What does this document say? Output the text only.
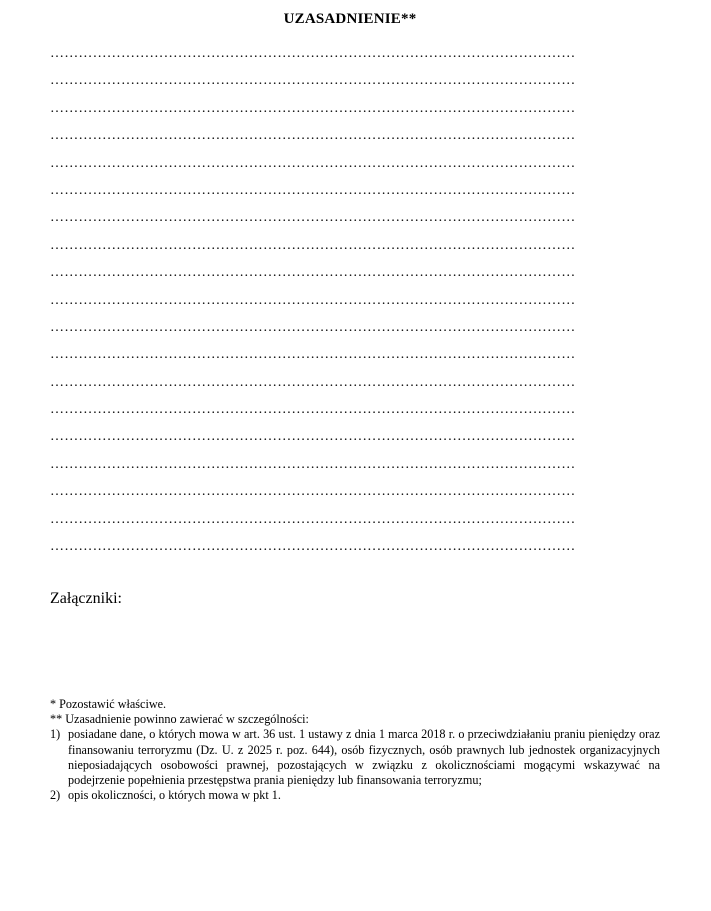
UZASADNIENIE**
…………………………………………………………………………………………………
…………………………………………………………………………………………………
…………………………………………………………………………………………………
…………………………………………………………………………………………………
…………………………………………………………………………………………………
…………………………………………………………………………………………………
…………………………………………………………………………………………………
…………………………………………………………………………………………………
…………………………………………………………………………………………………
…………………………………………………………………………………………………
…………………………………………………………………………………………………
…………………………………………………………………………………………………
…………………………………………………………………………………………………
…………………………………………………………………………………………………
…………………………………………………………………………………………………
…………………………………………………………………………………………………
…………………………………………………………………………………………………
…………………………………………………………………………………………………
…………………………………………………………………………………………………
Załączniki:

* Pozostawić właściwe.

** Uzasadnienie powinno zawierać w szczególności:

1) posiadane dane, o których mowa w art. 36 ust. 1 ustawy z dnia 1 marca 2018 r. o przeciwdziałaniu praniu pieniędzy oraz finansowaniu terroryzmu (Dz. U. z 2025 r. poz. 644), osób fizycznych, osób prawnych lub jednostek organizacyjnych nieposiadających osobowości prawnej, pozostających w związku z okolicznościami mogącymi wskazywać na podejrzenie popełnienia przestępstwa prania pieniędzy lub finansowania terroryzmu;
2) opis okoliczności, o których mowa w pkt 1.
